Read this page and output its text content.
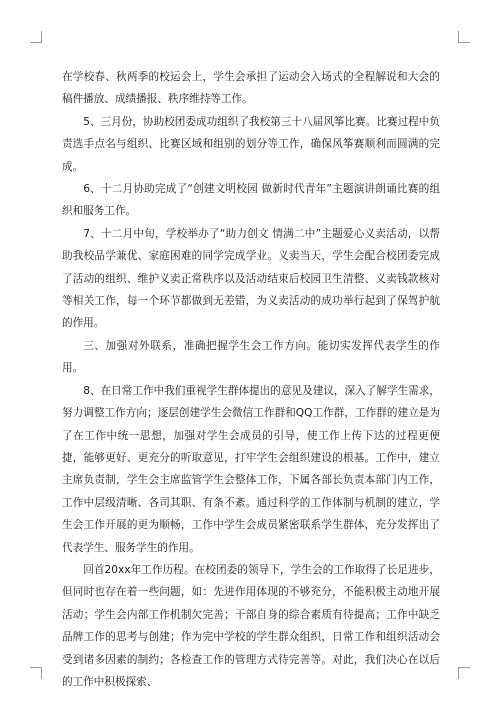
在学校春、秋两季的校运会上，学生会承担了运动会入场式的全程解说和大会的稿件播放、成绩播报、秩序维持等工作。

5、三月份，协助校团委成功组织了我校第三十八届风筝比赛。比赛过程中负责选手点名与组织、比赛区域和组别的划分等工作，确保风筝赛顺利而圆满的完成。

6、十二月协助完成了“创建文明校园 做新时代青年”主题演讲朗诵比赛的组织和服务工作。

7、十二月中旬，学校举办了“助力创文 情满二中”主题爱心义卖活动，以帮助我校品学兼优、家庭困难的同学完成学业。义卖当天，学生会配合校团委完成了活动的组织、维护义卖正常秩序以及活动结束后校园卫生清整、义卖钱款核对等相关工作，每一个环节都做到无差错，为义卖活动的成功举行起到了保驾护航的作用。

三、加强对外联系，准确把握学生会工作方向。能切实发挥代表学生的作用。

8、在日常工作中我们重视学生群体提出的意见及建议，深入了解学生需求，努力调整工作方向；逐层创建学生会微信工作群和QQ工作群，工作群的建立是为了在工作中统一思想，加强对学生会成员的引导，使工作上传下达的过程更便捷，能够更好、更充分的听取意见，打牢学生会组织建设的根基。工作中，建立主席负责制，学生会主席监管学生会整体工作，下属各部长负责本部门内工作，工作中层级清晰、各司其职、有条不紊。通过科学的工作体制与机制的建立，学生会工作开展的更为顺畅，工作中学生会成员紧密联系学生群体，充分发挥出了代表学生、服务学生的作用。

回首20xx年工作历程。在校团委的领导下，学生会的工作取得了长足进步，但同时也存在着一些问题，如：先进作用体现的不够充分，不能积极主动地开展活动；学生会内部工作机制欠完善；干部自身的综合素质有待提高；工作中缺乏品牌工作的思考与创建；作为完中学校的学生群众组织，日常工作和组织活动会受到诸多因素的制约；各检查工作的管理方式待完善等。对此，我们决心在以后的工作中积极探索、
